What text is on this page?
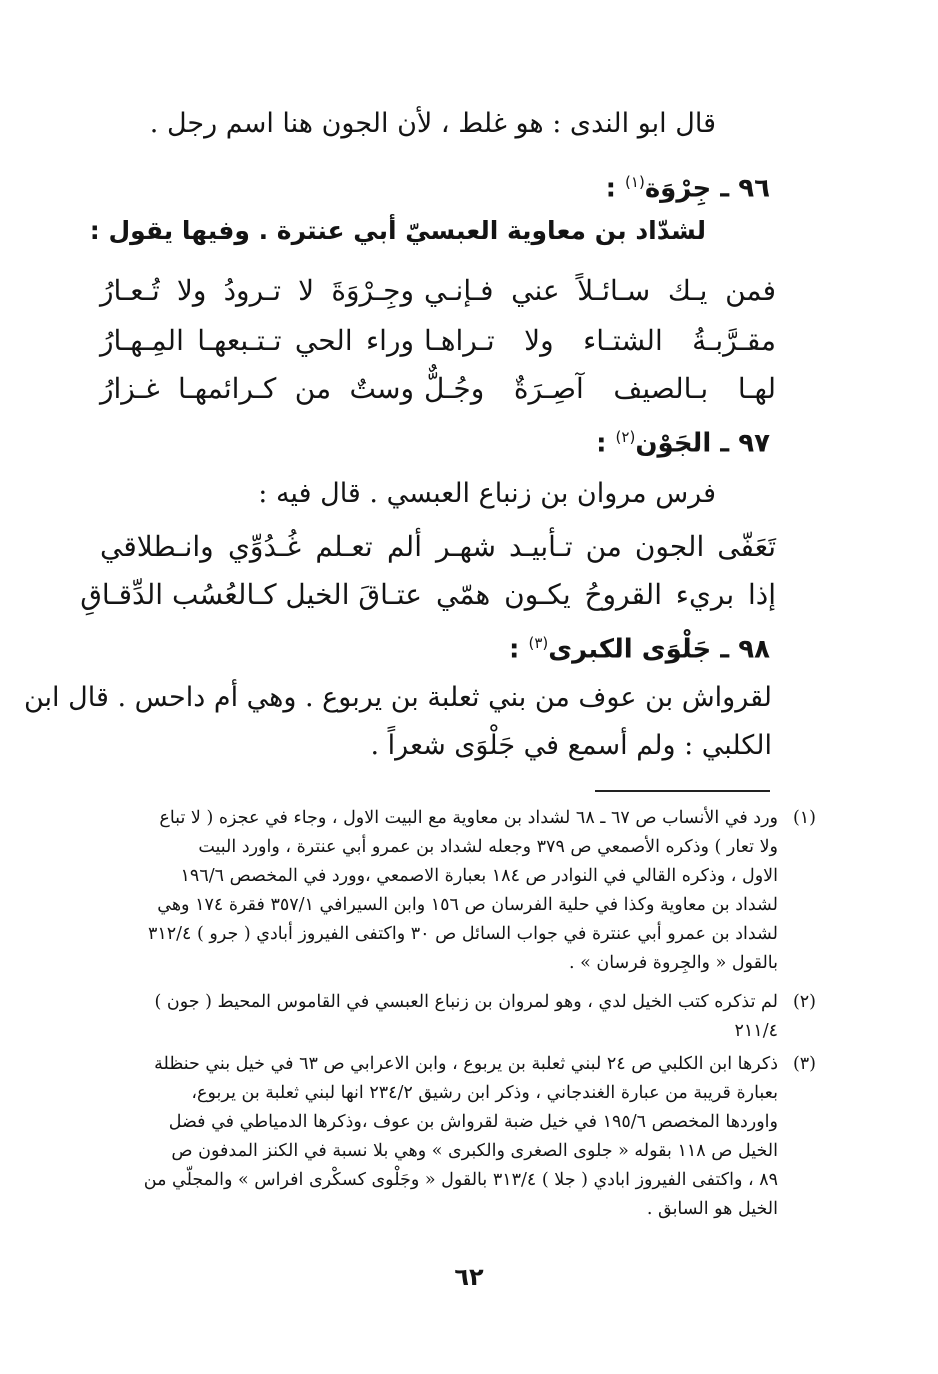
قال ابو الندى : هو غلط ، لأن الجون هنا اسم رجل .
٩٦ ـ جِرْوَة$^{(١)}$ :
لشدّاد بن معاوية العبسيّ أبي عنترة . وفيها يقول :
فمن يـك سـائـلاً عني فـإنـي
وجِـرْوَةَ لا تـرودُ ولا تُـعـارُ
مقـرَّبـةُ الشتـاء ولا تـراهـا
وراء الحي تـتـبعهـا المِـهـارُ
لهـا بـالصيف آصِـرَةٌ وجُـلٌّ
وستٌ من كـرائمهـا غـزارُ
٩٧ ـ الجَوْن$^{(٢)}$ :
فرس مروان بن زنباع العبسي . قال فيه :
تَعَفّى الجون من تـأبيـد شهـر
ألم تعـلم غُـدُوِّي وانـطلاقي
إذا بريء القروحُ يكـون همّي
عتـاقَ الخيل كـالعُسُب الدِّقـاقِ
٩٨ ـ جَلْوَى الكبرى$^{(٣)}$ :
لقرواش بن عوف من بني ثعلبة بن يربوع . وهي أم داحس . قال ابن
الكلبي : ولم أسمع في جَلْوَى شعراً .
(١)
ورد في الأنساب ص ٦٧ ـ ٦٨ لشداد بن معاوية مع البيت الاول ، وجاء في عجزه ( لا تباع
ولا تعار ) وذكره الأصمعي ص ٣٧٩ وجعله لشداد بن عمرو أبي عنترة ، واورد البيت
الاول ، وذكره القالي في النوادر ص ١٨٤ بعبارة الاصمعي ،وورد في المخصص ١٩٦/٦
لشداد بن معاوية وكذا في حلية الفرسان ص ١٥٦ وابن السيرافي ٣٥٧/١ فقرة ١٧٤ وهي
لشداد بن عمرو أبي عنترة في جواب السائل ص ٣٠ واكتفى الفيروز أبادي ( جرو ) ٣١٢/٤
بالقول « والجِروة فرسان » .
(٢)
لم تذكره كتب الخيل لدي ، وهو لمروان بن زنباع العبسي في القاموس المحيط ( جون )
٢١١/٤
(٣)
ذكرها ابن الكلبي ص ٢٤ لبني ثعلبة بن يربوع ، وابن الاعرابي ص ٦٣ في خيل بني حنظلة
بعبارة قريبة من عبارة الغندجاني ، وذكر ابن رشيق ٢٣٤/٢ انها لبني ثعلبة بن يربوع،
واوردها المخصص ١٩٥/٦ في خيل ضبة لقرواش بن عوف ،وذكرها الدمياطي في فضل
الخيل ص ١١٨ بقوله « جلوى الصغرى والكبرى » وهي بلا نسبة في الكنز المدفون ص
٨٩ ، واكتفى الفيروز ابادي ( جلا ) ٣١٣/٤ بالقول « وجَلْوى كسكْرى افراس » والمجلّي من
الخيل هو السابق .
٦٢
